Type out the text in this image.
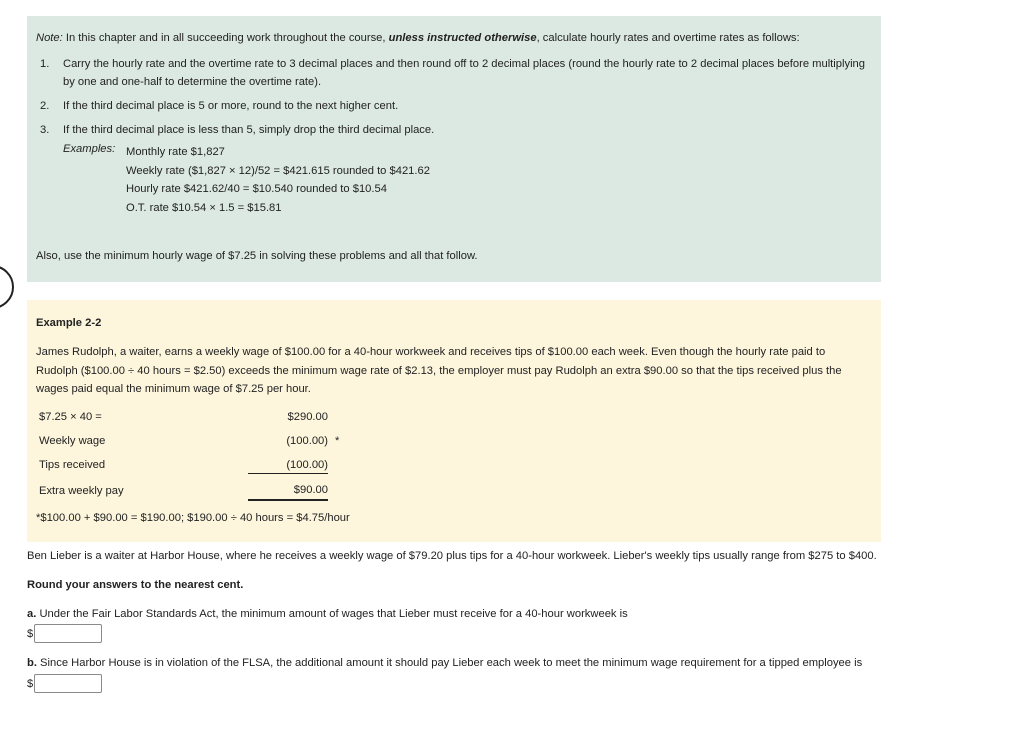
Note: In this chapter and in all succeeding work throughout the course, unless instructed otherwise, calculate hourly rates and overtime rates as follows:
1. Carry the hourly rate and the overtime rate to 3 decimal places and then round off to 2 decimal places (round the hourly rate to 2 decimal places before multiplying by one and one-half to determine the overtime rate).
2. If the third decimal place is 5 or more, round to the next higher cent.
3. If the third decimal place is less than 5, simply drop the third decimal place.
Examples: Monthly rate $1,827
Weekly rate ($1,827 × 12)/52 = $421.615 rounded to $421.62
Hourly rate $421.62/40 = $10.540 rounded to $10.54
O.T. rate $10.54 × 1.5 = $15.81
Also, use the minimum hourly wage of $7.25 in solving these problems and all that follow.
Example 2-2
James Rudolph, a waiter, earns a weekly wage of $100.00 for a 40-hour workweek and receives tips of $100.00 each week. Even though the hourly rate paid to Rudolph ($100.00 ÷ 40 hours = $2.50) exceeds the minimum wage rate of $2.13, the employer must pay Rudolph an extra $90.00 so that the tips received plus the wages paid equal the minimum wage of $7.25 per hour.
$7.25 × 40 =	$290.00
Weekly wage	(100.00) *
Tips received	(100.00)
Extra weekly pay	$90.00
*$100.00 + $90.00 = $190.00; $190.00 ÷ 40 hours = $4.75/hour
Ben Lieber is a waiter at Harbor House, where he receives a weekly wage of $79.20 plus tips for a 40-hour workweek. Lieber's weekly tips usually range from $275 to $400.
Round your answers to the nearest cent.
a. Under the Fair Labor Standards Act, the minimum amount of wages that Lieber must receive for a 40-hour workweek is
$
b. Since Harbor House is in violation of the FLSA, the additional amount it should pay Lieber each week to meet the minimum wage requirement for a tipped employee is
$
